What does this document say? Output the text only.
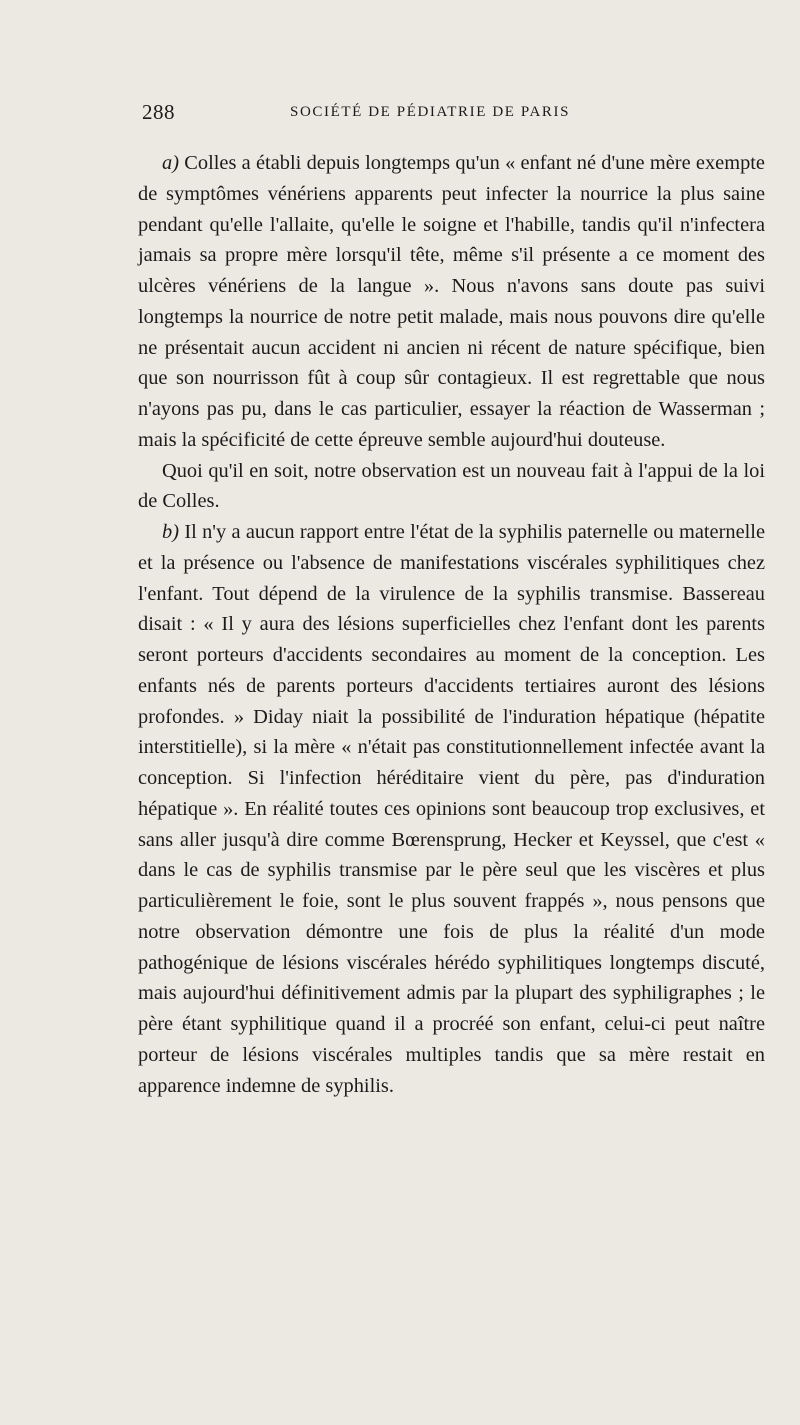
288	SOCIÉTÉ DE PÉDIATRIE DE PARIS

a) Colles a établi depuis longtemps qu'un « enfant né d'une mère exempte de symptômes vénériens apparents peut infecter la nourrice la plus saine pendant qu'elle l'allaite, qu'elle le soigne et l'habille, tandis qu'il n'infectera jamais sa propre mère lorsqu'il tête, même s'il présente a ce moment des ulcères vénériens de la langue ». Nous n'avons sans doute pas suivi longtemps la nourrice de notre petit malade, mais nous pouvons dire qu'elle ne présentait aucun accident ni ancien ni récent de nature spécifique, bien que son nourrisson fût à coup sûr contagieux. Il est regrettable que nous n'ayons pas pu, dans le cas particulier, essayer la réaction de Wasserman ; mais la spécificité de cette épreuve semble aujourd'hui douteuse.

Quoi qu'il en soit, notre observation est un nouveau fait à l'appui de la loi de Colles.

b) Il n'y a aucun rapport entre l'état de la syphilis paternelle ou maternelle et la présence ou l'absence de manifestations viscérales syphilitiques chez l'enfant. Tout dépend de la virulence de la syphilis transmise. Bassereau disait : « Il y aura des lésions superficielles chez l'enfant dont les parents seront porteurs d'accidents secondaires au moment de la conception. Les enfants nés de parents porteurs d'accidents tertiaires auront des lésions profondes. » Diday niait la possibilité de l'induration hépatique (hépatite interstitielle), si la mère « n'était pas constitutionnellement infectée avant la conception. Si l'infection héréditaire vient du père, pas d'induration hépatique ». En réalité toutes ces opinions sont beaucoup trop exclusives, et sans aller jusqu'à dire comme Bœrensprung, Hecker et Keyssel, que c'est « dans le cas de syphilis transmise par le père seul que les viscères et plus particulièrement le foie, sont le plus souvent frappés », nous pensons que notre observation démontre une fois de plus la réalité d'un mode pathogénique de lésions viscérales hérédo syphilitiques longtemps discuté, mais aujourd'hui définitivement admis par la plupart des syphiligraphes ; le père étant syphilitique quand il a procréé son enfant, celui-ci peut naître porteur de lésions viscérales multiples tandis que sa mère restait en apparence indemne de syphilis.
